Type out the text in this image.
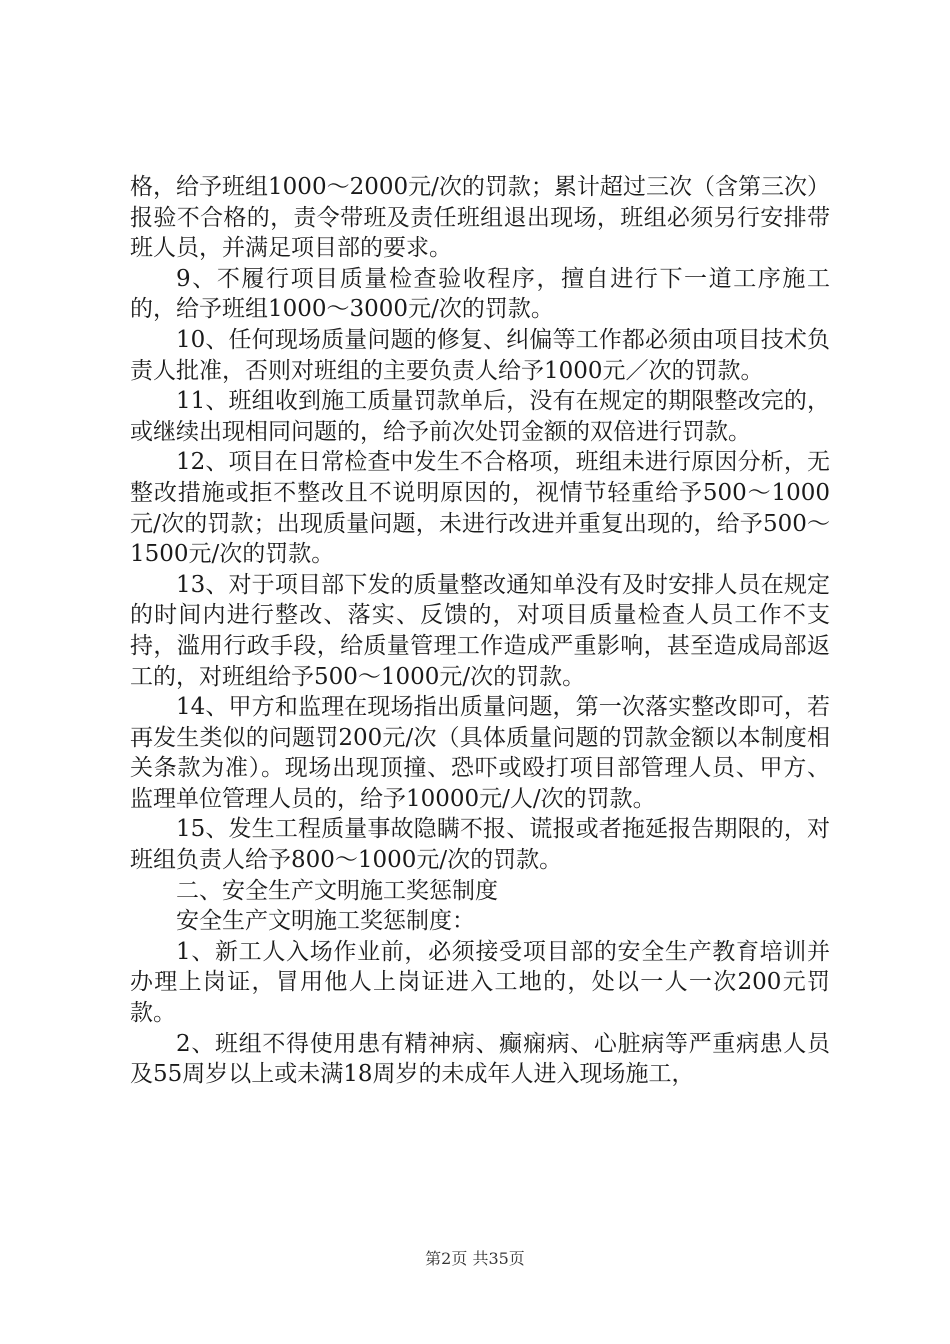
格，给予班组1000～2000元/次的罚款；累计超过三次（含第三次）报验不合格的，责令带班及责任班组退出现场，班组必须另行安排带班人员，并满足项目部的要求。

9、不履行项目质量检查验收程序，擅自进行下一道工序施工的，给予班组1000～3000元/次的罚款。

10、任何现场质量问题的修复、纠偏等工作都必须由项目技术负责人批准，否则对班组的主要负责人给予1000元／次的罚款。

11、班组收到施工质量罚款单后，没有在规定的期限整改完的，或继续出现相同问题的，给予前次处罚金额的双倍进行罚款。

12、项目在日常检查中发生不合格项，班组未进行原因分析，无整改措施或拒不整改且不说明原因的，视情节轻重给予500～1000元/次的罚款；出现质量问题，未进行改进并重复出现的，给予500～1500元/次的罚款。

13、对于项目部下发的质量整改通知单没有及时安排人员在规定的时间内进行整改、落实、反馈的，对项目质量检查人员工作不支持，滥用行政手段，给质量管理工作造成严重影响，甚至造成局部返工的，对班组给予500～1000元/次的罚款。

14、甲方和监理在现场指出质量问题，第一次落实整改即可，若再发生类似的问题罚200元/次（具体质量问题的罚款金额以本制度相关条款为准）。现场出现顶撞、恐吓或殴打项目部管理人员、甲方、监理单位管理人员的，给予10000元/人/次的罚款。

15、发生工程质量事故隐瞒不报、谎报或者拖延报告期限的，对班组负责人给予800～1000元/次的罚款。

二、安全生产文明施工奖惩制度

安全生产文明施工奖惩制度：

1、新工人入场作业前，必须接受项目部的安全生产教育培训并办理上岗证，冒用他人上岗证进入工地的，处以一人一次200元罚款。

2、班组不得使用患有精神病、癫痫病、心脏病等严重病患人员及55周岁以上或未满18周岁的未成年人进入现场施工，

第2页 共35页
